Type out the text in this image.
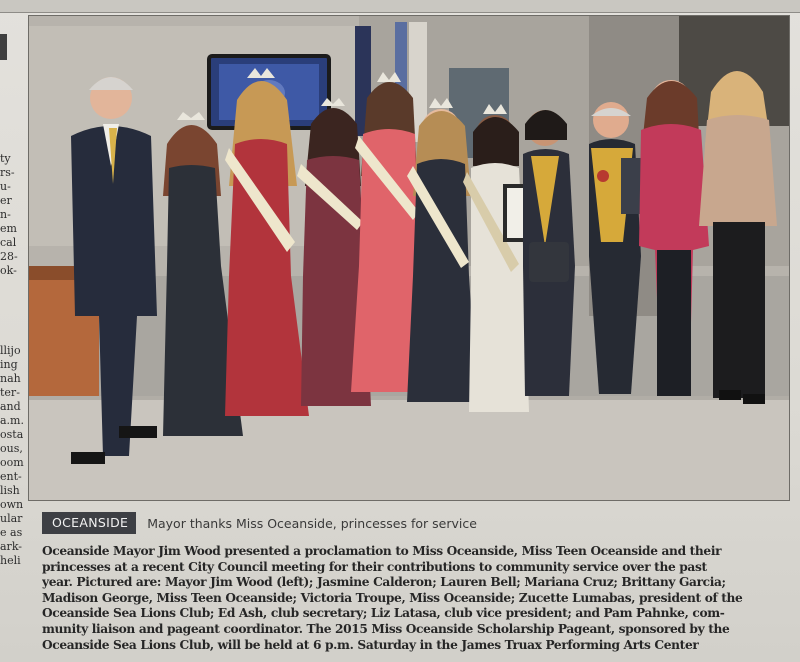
ty
rs-
u-
er
n-
em
cal
28-
ok-
llijo
ing
nah
ter-
and
a.m.
osta
ous,
oom
ent-
lish
own
ular
e as
ark-
heli
OCEANSIDE	Mayor thanks Miss Oceanside, princesses for service
Oceanside Mayor Jim Wood presented a proclamation to Miss Oceanside, Miss Teen Oceanside and their
princesses at a recent City Council meeting for their contributions to community service over the past
year. Pictured are: Mayor Jim Wood (left); Jasmine Calderon; Lauren Bell; Mariana Cruz; Brittany Garcia;
Madison George, Miss Teen Oceanside; Victoria Troupe, Miss Oceanside; Zucette Lumabas, president of the
Oceanside Sea Lions Club; Ed Ash, club secretary; Liz Latasa, club vice president; and Pam Pahnke, com-
munity liaison and pageant coordinator. The 2015 Miss Oceanside Scholarship Pageant, sponsored by the
Oceanside Sea Lions Club, will be held at 6 p.m. Saturday in the James Truax Performing Arts Center
